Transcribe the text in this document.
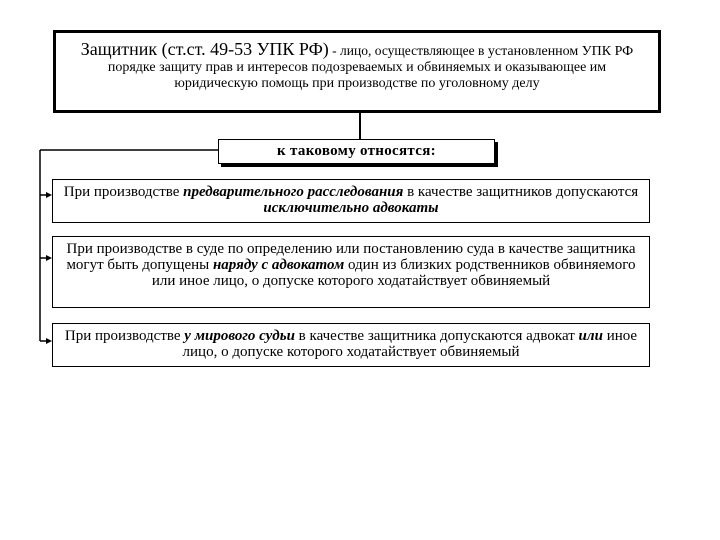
Защитник (ст.ст. 49-53 УПК РФ) - лицо, осуществляющее в установленном УПК РФ порядке защиту прав и интересов подозреваемых и обвиняемых и оказывающее им юридическую помощь при производстве по уголовному делу
к таковому относятся:
При производстве предварительного расследования в качестве защитников допускаются исключительно адвокаты
При производстве в суде по определению или постановлению суда в качестве защитника могут быть допущены наряду с адвокатом один из близких родственников обвиняемого или иное лицо, о допуске которого ходатайствует обвиняемый
При производстве у мирового судьи в качестве защитника допускаются адвокат или иное лицо, о допуске которого ходатайствует обвиняемый
